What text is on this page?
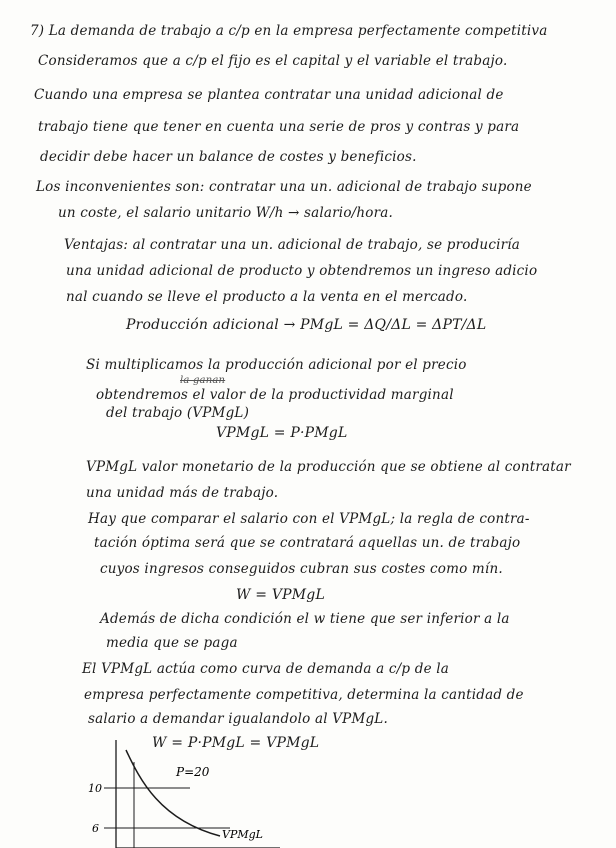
7) La demanda de trabajo a c/p en la empresa perfectamente competitiva
Consideramos que a c/p el fijo es el capital y el variable el trabajo.
Cuando una empresa se plantea contratar una unidad adicional de
trabajo tiene que tener en cuenta una serie de pros y contras y para
decidir debe hacer un balance de costes y beneficios.
Los inconvenientes son: contratar una un. adicional de trabajo supone
un coste, el salario unitario W/h → salario/hora.
Ventajas: al contratar una un. adicional de trabajo, se produciría
una unidad adicional de producto y obtendremos un ingreso adicio
nal cuando se lleve el producto a la venta en el mercado.
Producción adicional → PMgL = ΔQ/ΔL = ΔPT/ΔL
Si multiplicamos la producción adicional por el precio
obtendremos el valor de la productividad marginal
la ganan
del trabajo (VPMgL)
VPMgL = P·PMgL
VPMgL valor monetario de la producción que se obtiene al contratar
una unidad más de trabajo.
Hay que comparar el salario con el VPMgL; la regla de contra-
tación óptima será que se contratará aquellas un. de trabajo
cuyos ingresos conseguidos cubran sus costes como mín.
W = VPMgL
Además de dicha condición el w tiene que ser inferior a la
media que se paga
El VPMgL actúa como curva de demanda a c/p de la
empresa perfectamente competitiva, determina la cantidad de
salario a demandar igualandolo al VPMgL.
W = P·PMgL = VPMgL
10
6
P=20
VPMgL
